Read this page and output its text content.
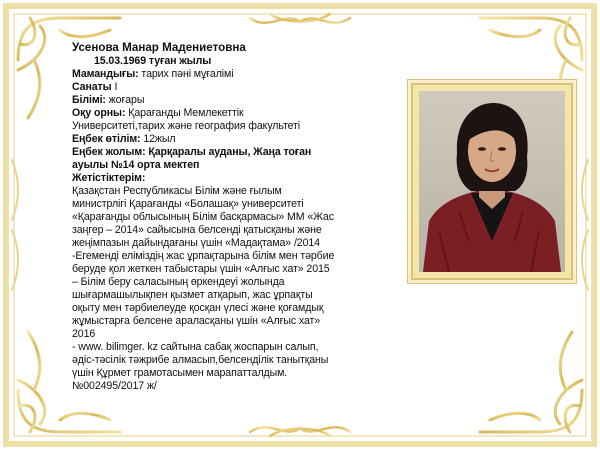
Усенова Манар Мадениетовна
15.03.1969 туған жылы
Мамандығы: тарих пәні мұғалімі
Санаты І
Білімі: жоғары
Оқу орны: Қарағанды Мемлекеттік
Университеті,тарих және география факультеті
Еңбек өтілім: 12жыл
Еңбек жолым: Қарқаралы ауданы, Жаңа тоған
ауылы №14 орта мектеп
Жетістіктерім:
Қазақстан Республикасы Білім және ғылым
министрлігі Қарағанды «Болашақ» университеті
«Қарағанды облысының Білім басқармасы» ММ «Жас
заңгер – 2014» сайысына белсенді қатысқаны және
жеңімпазын дайындағаны үшін «Мадақтама» /2014
-Егеменді еліміздің жас ұрпақтарына білім мен тәрбие
беруде қол жеткен табыстары үшін «Алғыс хат» 2015
– Білім беру саласының өркендеуі жолында
шығармашылықпен қызмет атқарып, жас ұрпақты
оқыту мен тәрбиелеуде қосқан үлесі және қоғамдық
жұмыстарға белсене араласқаны үшін «Алғыс хат»
2016
- www. bilimger. kz сайтына сабақ жоспарын салып,
әдіс-тәсілік тәжрибе алмасып,белсенділік танытқаны
үшін Құрмет грамотасымен марапатталдым.
№002495/2017 ж/
